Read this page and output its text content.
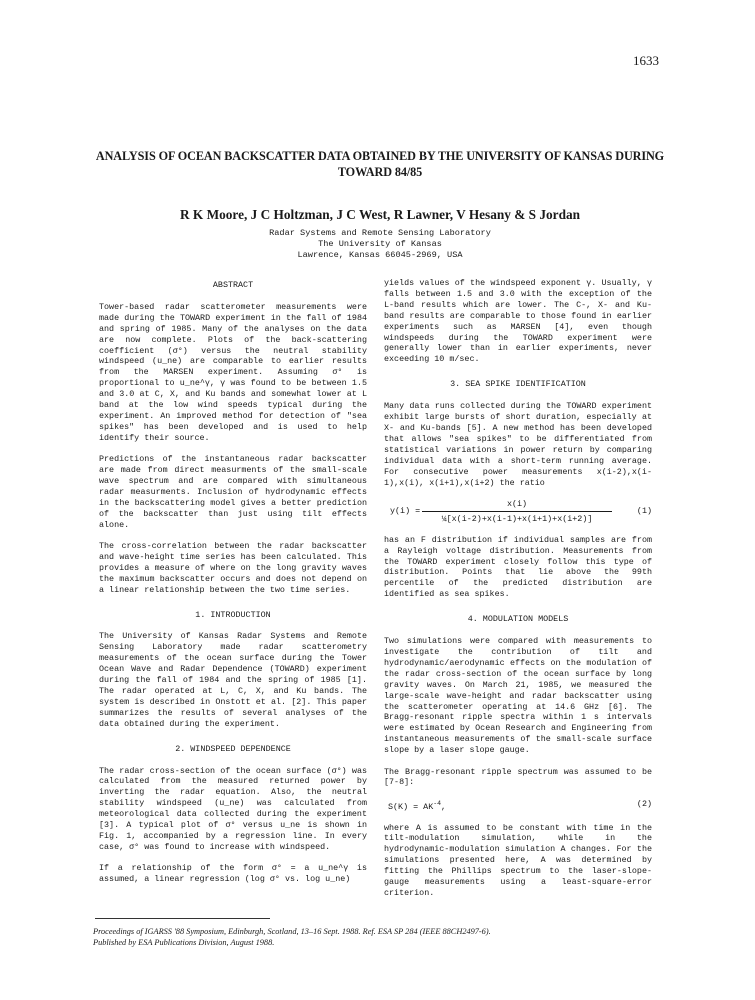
1633
ANALYSIS OF OCEAN BACKSCATTER DATA OBTAINED BY THE UNIVERSITY OF KANSAS DURING TOWARD 84/85
R K Moore, J C Holtzman, J C West, R Lawner, V Hesany & S Jordan
Radar Systems and Remote Sensing Laboratory
The University of Kansas
Lawrence, Kansas 66045-2969, USA
ABSTRACT

Tower-based radar scatterometer measurements were made during the TOWARD experiment in the fall of 1984 and spring of 1985. Many of the analyses on the data are now complete. Plots of the back-scattering coefficient (σ°) versus the neutral stability windspeed (u_ne) are comparable to earlier results from the MARSEN experiment. Assuming σ° is proportional to u_ne^γ, γ was found to be between 1.5 and 3.0 at C, X, and Ku bands and somewhat lower at L band at the low wind speeds typical during the experiment. An improved method for detection of "sea spikes" has been developed and is used to help identify their source.

Predictions of the instantaneous radar backscatter are made from direct measurments of the small-scale wave spectrum and are compared with simultaneous radar measurments. Inclusion of hydrodynamic effects in the backscattering model gives a better prediction of the backscatter than just using tilt effects alone.

The cross-correlation between the radar backscatter and wave-height time series has been calculated. This provides a measure of where on the long gravity waves the maximum backscatter occurs and does not depend on a linear relationship between the two time series.

1. INTRODUCTION

The University of Kansas Radar Systems and Remote Sensing Laboratory made radar scatterometry measurements of the ocean surface during the Tower Ocean Wave and Radar Dependence (TOWARD) experiment during the fall of 1984 and the spring of 1985 [1]. The radar operated at L, C, X, and Ku bands. The system is described in Onstott et al. [2]. This paper summarizes the results of several analyses of the data obtained during the experiment.

2. WINDSPEED DEPENDENCE

The radar cross-section of the ocean surface (σ°) was calculated from the measured returned power by inverting the radar equation. Also, the neutral stability windspeed (u_ne) was calculated from meteorological data collected during the experiment [3]. A typical plot of σ° versus u_ne is shown in Fig. 1, accompanied by a regression line. In every case, σ° was found to increase with windspeed.

If a relationship of the form σ° = a u_ne^γ is assumed, a linear regression (log σ° vs. log u_ne)

yields values of the windspeed exponent γ. Usually, γ falls between 1.5 and 3.0 with the exception of the L-band results which are lower. The C-, X- and Ku-band results are comparable to those found in earlier experiments such as MARSEN [4], even though windspeeds during the TOWARD experiment were generally lower than in earlier experiments, never exceeding 10 m/sec.

3. SEA SPIKE IDENTIFICATION

Many data runs collected during the TOWARD experiment exhibit large bursts of short duration, especially at X- and Ku-bands [5]. A new method has been developed that allows "sea spikes" to be differentiated from statistical variations in power return by comparing individual data with a short-term running average. For consecutive power measurements x(i-2),x(i-1),x(i), x(i+1),x(i+2) the ratio

$y(i) = \frac{x(i)}{\text{¼[x(i-2)+x(i-1)+x(i+1)+x(i+2)]}}$	(1)

has an F distribution if individual samples are from a Rayleigh voltage distribution. Measurements from the TOWARD experiment closely follow this type of distribution. Points that lie above the 99th percentile of the predicted distribution are identified as sea spikes.

4. MODULATION MODELS

Two simulations were compared with measurements to investigate the contribution of tilt and hydrodynamic/aerodynamic effects on the modulation of the radar cross-section of the ocean surface by long gravity waves. On March 21, 1985, we measured the large-scale wave-height and radar backscatter using the scatterometer operating at 14.6 GHz [6]. The Bragg-resonant ripple spectra within 1 s intervals were estimated by Ocean Research and Engineering from instantaneous measurements of the small-scale surface slope by a laser slope gauge.

The Bragg-resonant ripple spectrum was assumed to be [7-8]:

$S(K) = AK^{-4}$,	(2)

where A is assumed to be constant with time in the tilt-modulation simulation, while in the hydrodynamic-modulation simulation A changes. For the simulations presented here, A was determined by fitting the Phillips spectrum to the laser-slope-gauge measurements using a least-square-error criterion.

Proceedings of IGARSS '88 Symposium, Edinburgh, Scotland, 13–16 Sept. 1988. Ref. ESA SP 284 (IEEE 88CH2497-6).
Published by ESA Publications Division, August 1988.
